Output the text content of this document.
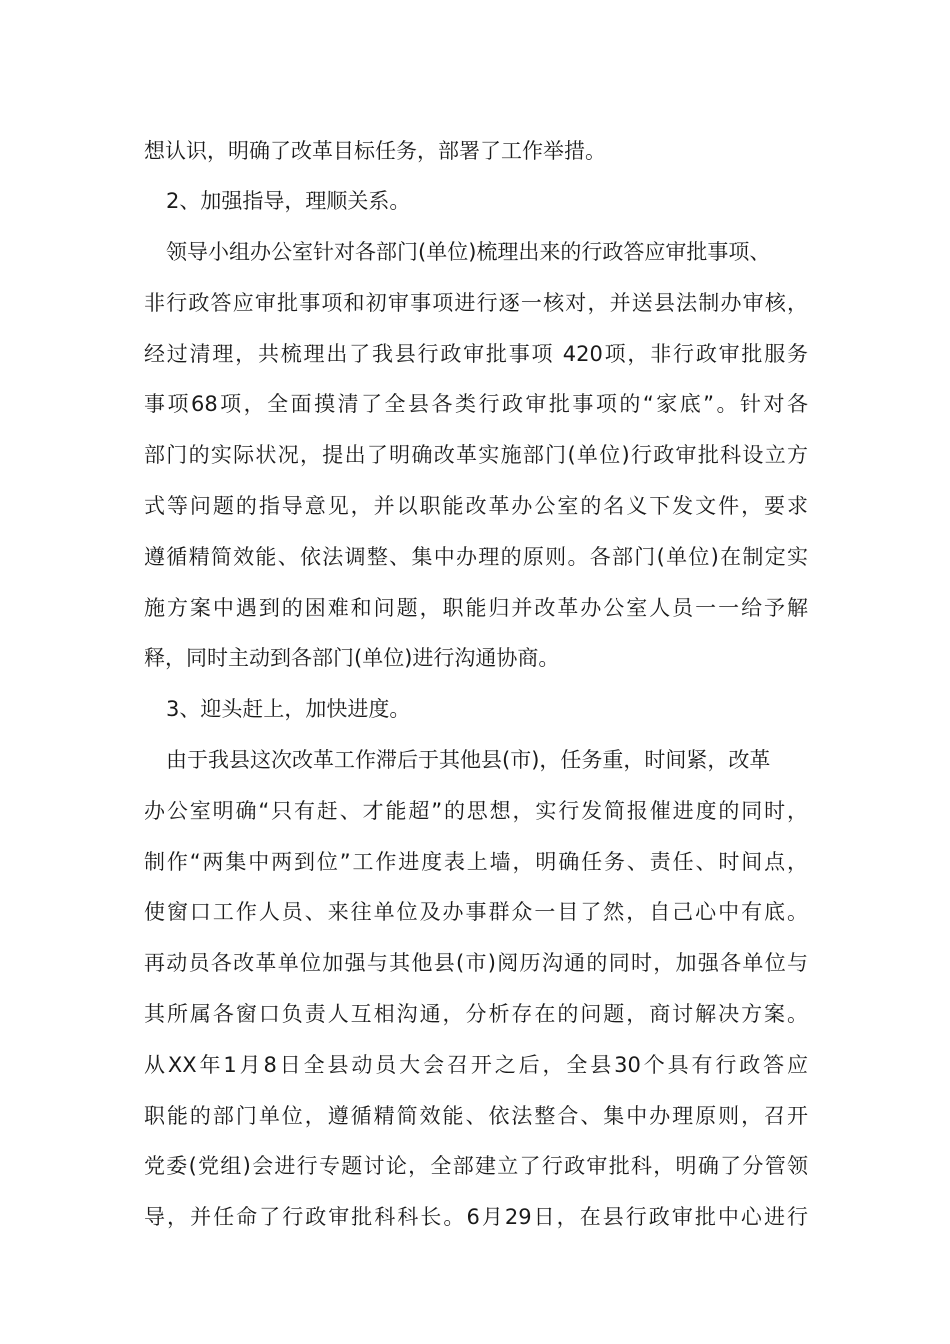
想认识，明确了改革目标任务，部署了工作举措。
2、加强指导，理顺关系。
领导小组办公室针对各部门(单位)梳理出来的行政答应审批事项、
非行政答应审批事项和初审事项进行逐一核对，并送县法制办审核，
经过清理，共梳理出了我县行政审批事项 420项，非行政审批服务
事项68项，全面摸清了全县各类行政审批事项的“家底”。针对各
部门的实际状况，提出了明确改革实施部门(单位)行政审批科设立方
式等问题的指导意见，并以职能改革办公室的名义下发文件，要求
遵循精简效能、依法调整、集中办理的原则。各部门(单位)在制定实
施方案中遇到的困难和问题，职能归并改革办公室人员一一给予解
释，同时主动到各部门(单位)进行沟通协商。
3、迎头赶上，加快进度。
由于我县这次改革工作滞后于其他县(市)，任务重，时间紧，改革
办公室明确“只有赶、才能超”的思想，实行发简报催进度的同时，
制作“两集中两到位”工作进度表上墙，明确任务、责任、时间点，
使窗口工作人员、来往单位及办事群众一目了然，自己心中有底。
再动员各改革单位加强与其他县(市)阅历沟通的同时，加强各单位与
其所属各窗口负责人互相沟通，分析存在的问题，商讨解决方案。
从XX年1月8日全县动员大会召开之后，全县30个具有行政答应
职能的部门单位，遵循精简效能、依法整合、集中办理原则，召开
党委(党组)会进行专题讨论，全部建立了行政审批科，明确了分管领
导，并任命了行政审批科科长。6月29日，在县行政审批中心进行
